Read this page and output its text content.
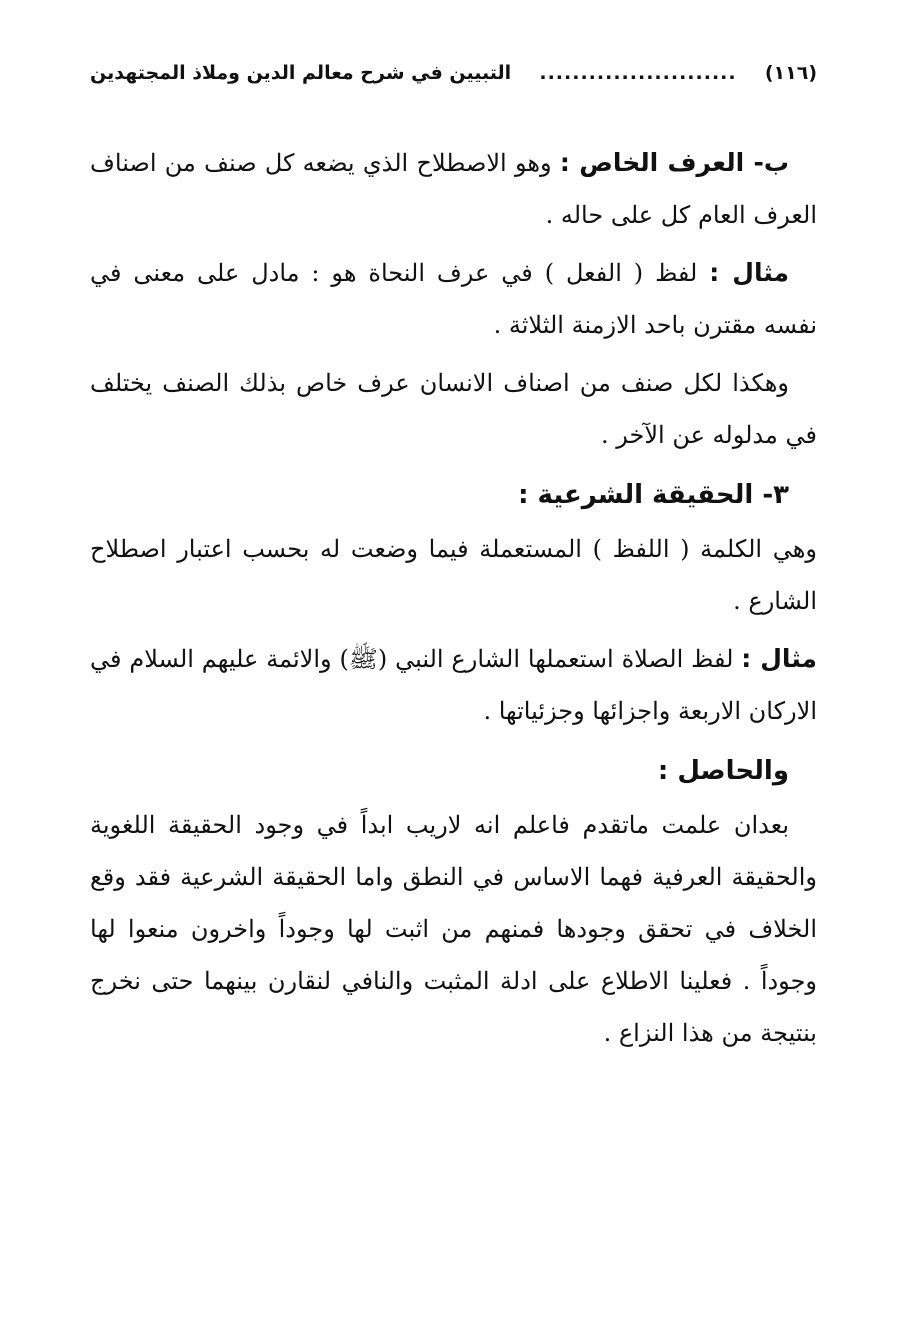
(١١٦)
........................
التبيين في شرح معالم الدين وملاذ المجتهدين

ب- العرف الخاص : وهو الاصطلاح الذي يضعه كل صنف من اصناف العرف العام كل على حاله .

مثال : لفظ ( الفعل ) في عرف النحاة هو : مادل على معنى في نفسه مقترن باحد الازمنة الثلاثة .

وهكذا لكل صنف من اصناف الانسان عرف خاص بذلك الصنف يختلف في مدلوله عن الآخر .

٣- الحقيقة الشرعية :

وهي الكلمة ( اللفظ ) المستعملة فيما وضعت له بحسب اعتبار اصطلاح الشارع .

مثال : لفظ الصلاة استعملها الشارع النبي (ﷺ) والائمة عليهم السلام في الاركان الاربعة واجزائها وجزئياتها .

والحاصل :

بعدان علمت ماتقدم فاعلم انه لاريب ابداً في وجود الحقيقة اللغوية والحقيقة العرفية فهما الاساس في النطق واما الحقيقة الشرعية فقد وقع الخلاف في تحقق وجودها فمنهم من اثبت لها وجوداً واخرون منعوا لها وجوداً . فعلينا الاطلاع على ادلة المثبت والنافي لنقارن بينهما حتى نخرج بنتيجة من هذا النزاع .
